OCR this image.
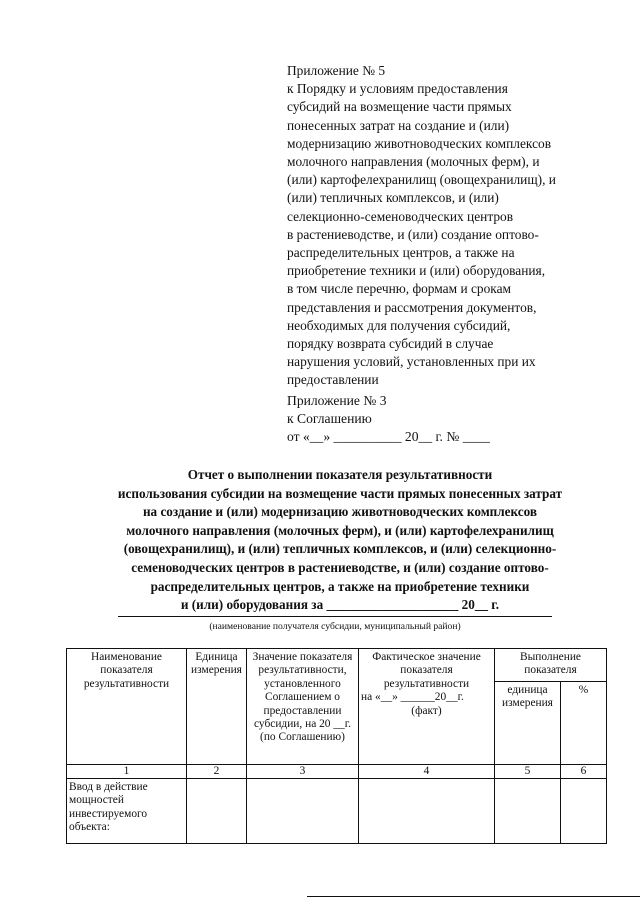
Приложение № 5
к Порядку и условиям предоставления
субсидий на возмещение части прямых
понесенных затрат на создание и (или)
модернизацию животноводческих комплексов
молочного направления (молочных ферм), и
(или) картофелехранилищ (овощехранилищ), и
(или) тепличных комплексов, и (или)
селекционно-семеноводческих центров
в растениеводстве, и (или) создание оптово-
распределительных центров, а также на
приобретение техники и (или) оборудования,
в том числе перечню, формам и срокам
представления и рассмотрения документов,
необходимых для получения субсидий,
порядку возврата субсидий в случае
нарушения условий, установленных при их
предоставлении
Приложение № 3
к Соглашению
от «__» __________ 20__ г. № ____
Отчет о выполнении показателя результативности
использования субсидии на возмещение части прямых понесенных затрат
на создание и (или) модернизацию животноводческих комплексов
молочного направления (молочных ферм), и (или) картофелехранилищ
(овощехранилищ), и (или) тепличных комплексов, и (или) селекционно-
семеноводческих центров в растениеводстве, и (или) создание оптово-
распределительных центров, а также на приобретение техники
и (или) оборудования за ____________________ 20__ г.
(наименование получателя субсидии, муниципальный район)
Наименование показателя результативности	Единица измерения	Значение показателя результативности, установленного Соглашением о предоставлении субсидии, на 20 __г. (по Соглашению)	Фактическое значение показателя результативности
на «__» ______20__г.
(факт)	Выполнение показателя	
				единица измерения	%
1	2	3	4	5	6
Ввод в действие мощностей инвестируемого объекта:					
